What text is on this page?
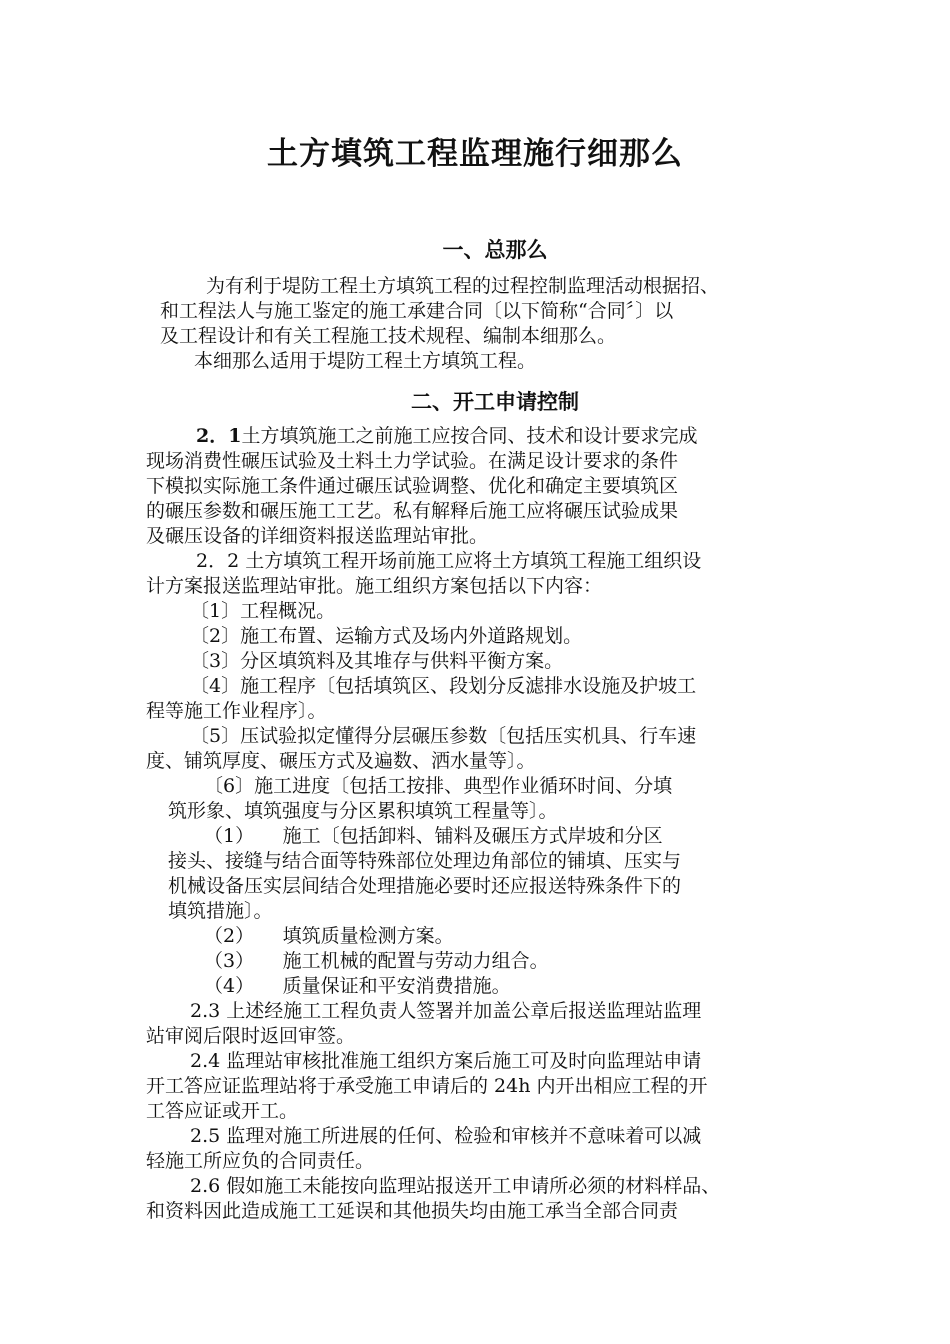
土方填筑工程监理施行细那么
一、总那么
为有利于堤防工程土方填筑工程的过程控制监理活动根据招、
和工程法人与施工鉴定的施工承建合同〔以下简称“合同〞〕以
及工程设计和有关工程施工技术规程、编制本细那么。
本细那么适用于堤防工程土方填筑工程。
二、开工申请控制
2．1土方填筑施工之前施工应按合同、技术和设计要求完成
现场消费性碾压试验及土料土力学试验。在满足设计要求的条件
下模拟实际施工条件通过碾压试验调整、优化和确定主要填筑区
的碾压参数和碾压施工工艺。私有解释后施工应将碾压试验成果
及碾压设备的详细资料报送监理站审批。
2．2 土方填筑工程开场前施工应将土方填筑工程施工组织设
计方案报送监理站审批。施工组织方案包括以下内容：
〔1〕工程概况。
〔2〕施工布置、运输方式及场内外道路规划。
〔3〕分区填筑料及其堆存与供料平衡方案。
〔4〕施工程序〔包括填筑区、段划分反滤排水设施及护坡工
程等施工作业程序〕。
〔5〕压试验拟定懂得分层碾压参数〔包括压实机具、行车速
度、铺筑厚度、碾压方式及遍数、洒水量等〕。
〔6〕施工进度〔包括工按排、典型作业循环时间、分填
筑形象、填筑强度与分区累积填筑工程量等〕。
（1）　　施工〔包括卸料、铺料及碾压方式岸坡和分区
接头、接缝与结合面等特殊部位处理边角部位的铺填、压实与
机械设备压实层间结合处理措施必要时还应报送特殊条件下的
填筑措施〕。
（2）　　填筑质量检测方案。
（3）　　施工机械的配置与劳动力组合。
（4）　　质量保证和平安消费措施。
2.3 上述经施工工程负责人签署并加盖公章后报送监理站监理
站审阅后限时返回审签。
2.4 监理站审核批准施工组织方案后施工可及时向监理站申请
开工答应证监理站将于承受施工申请后的 24h 内开出相应工程的开
工答应证或开工。
2.5 监理对施工所进展的任何、检验和审核并不意味着可以减
轻施工所应负的合同责任。
2.6 假如施工未能按向监理站报送开工申请所必须的材料样品、
和资料因此造成施工工延误和其他损失均由施工承当全部合同责
